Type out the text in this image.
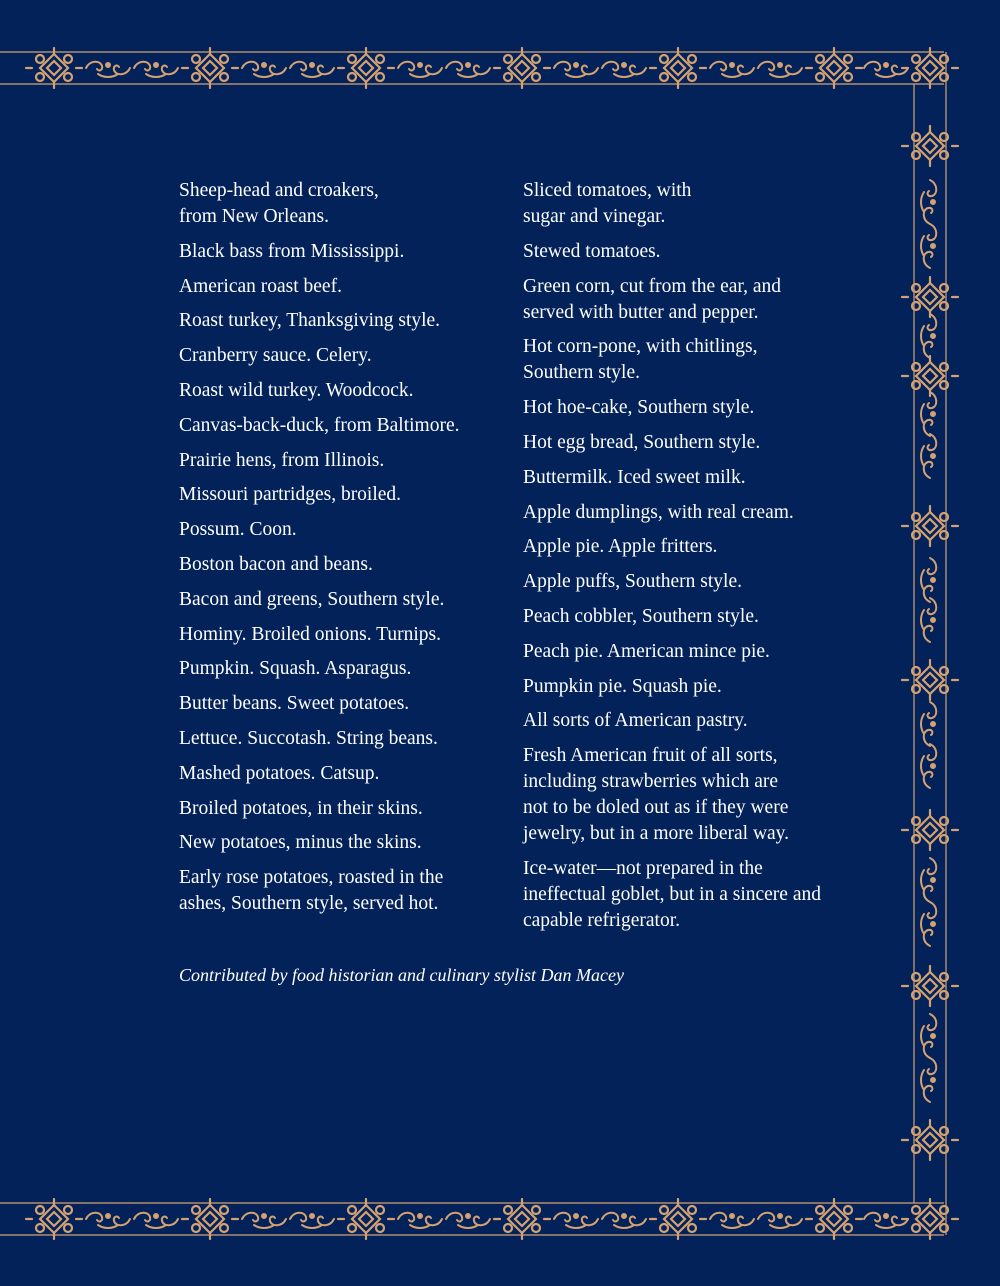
Sheep-head and croakers,
from New Orleans.
Black bass from Mississippi.
American roast beef.
Roast turkey, Thanksgiving style.
Cranberry sauce. Celery.
Roast wild turkey. Woodcock.
Canvas-back-duck, from Baltimore.
Prairie hens, from Illinois.
Missouri partridges, broiled.
Possum. Coon.
Boston bacon and beans.
Bacon and greens, Southern style.
Hominy. Broiled onions. Turnips.
Pumpkin. Squash. Asparagus.
Butter beans. Sweet potatoes.
Lettuce. Succotash. String beans.
Mashed potatoes. Catsup.
Broiled potatoes, in their skins.
New potatoes, minus the skins.
Early rose potatoes, roasted in the
ashes, Southern style, served hot.
Sliced tomatoes, with
sugar and vinegar.
Stewed tomatoes.
Green corn, cut from the ear, and
served with butter and pepper.
Hot corn-pone, with chitlings,
Southern style.
Hot hoe-cake, Southern style.
Hot egg bread, Southern style.
Buttermilk. Iced sweet milk.
Apple dumplings, with real cream.
Apple pie. Apple fritters.
Apple puffs, Southern style.
Peach cobbler, Southern style.
Peach pie. American mince pie.
Pumpkin pie. Squash pie.
All sorts of American pastry.
Fresh American fruit of all sorts,
including strawberries which are
not to be doled out as if they were
jewelry, but in a more liberal way.
Ice-water—not prepared in the
ineffectual goblet, but in a sincere and
capable refrigerator.
Contributed by food historian and culinary stylist Dan Macey
